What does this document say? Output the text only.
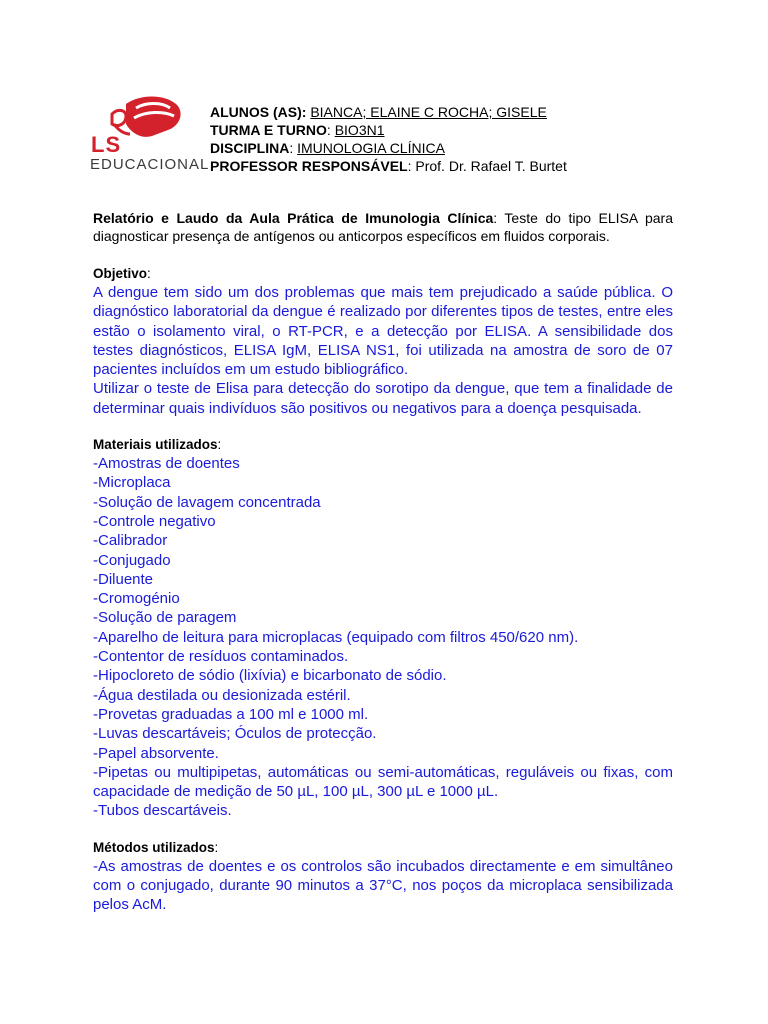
LS
EDUCACIONAL
ALUNOS (AS): BIANCA; ELAINE C ROCHA; GISELE
TURMA E TURNO: BIO3N1
DISCIPLINA: IMUNOLOGIA CLÍNICA
PROFESSOR RESPONSÁVEL: Prof. Dr. Rafael T. Burtet

Relatório e Laudo da Aula Prática de Imunologia Clínica: Teste do tipo ELISA para diagnosticar presença de antígenos ou anticorpos específicos em fluidos corporais.

Objetivo:

A dengue tem sido um dos problemas que mais tem prejudicado a saúde pública. O diagnóstico laboratorial da dengue é realizado por diferentes tipos de testes, entre eles estão o isolamento viral, o RT-PCR, e a detecção por ELISA. A sensibilidade dos testes diagnósticos, ELISA IgM, ELISA NS1, foi utilizada na amostra de soro de 07 pacientes incluídos em um estudo bibliográfico.

Utilizar o teste de Elisa para detecção do sorotipo da dengue, que tem a finalidade de determinar quais indivíduos são positivos ou negativos para a doença pesquisada.

Materiais utilizados:

-Amostras de doentes
-Microplaca
-Solução de lavagem concentrada
-Controle negativo
-Calibrador
-Conjugado
-Diluente
-Cromogénio
-Solução de paragem
-Aparelho de leitura para microplacas (equipado com filtros 450/620 nm).
-Contentor de resíduos contaminados.
-Hipocloreto de sódio (lixívia) e bicarbonato de sódio.
-Água destilada ou desionizada estéril.
-Provetas graduadas a 100 ml e 1000 ml.
-Luvas descartáveis; Óculos de protecção.
-Papel absorvente.
-Pipetas ou multipipetas, automáticas ou semi-automáticas, reguláveis ou fixas, com capacidade de medição de 50 µL, 100 µL, 300 µL e 1000 µL.
-Tubos descartáveis.

Métodos utilizados:

-As amostras de doentes e os controlos são incubados directamente e em simultâneo com o conjugado, durante 90 minutos a 37°C, nos poços da microplaca sensibilizada pelos AcM.
